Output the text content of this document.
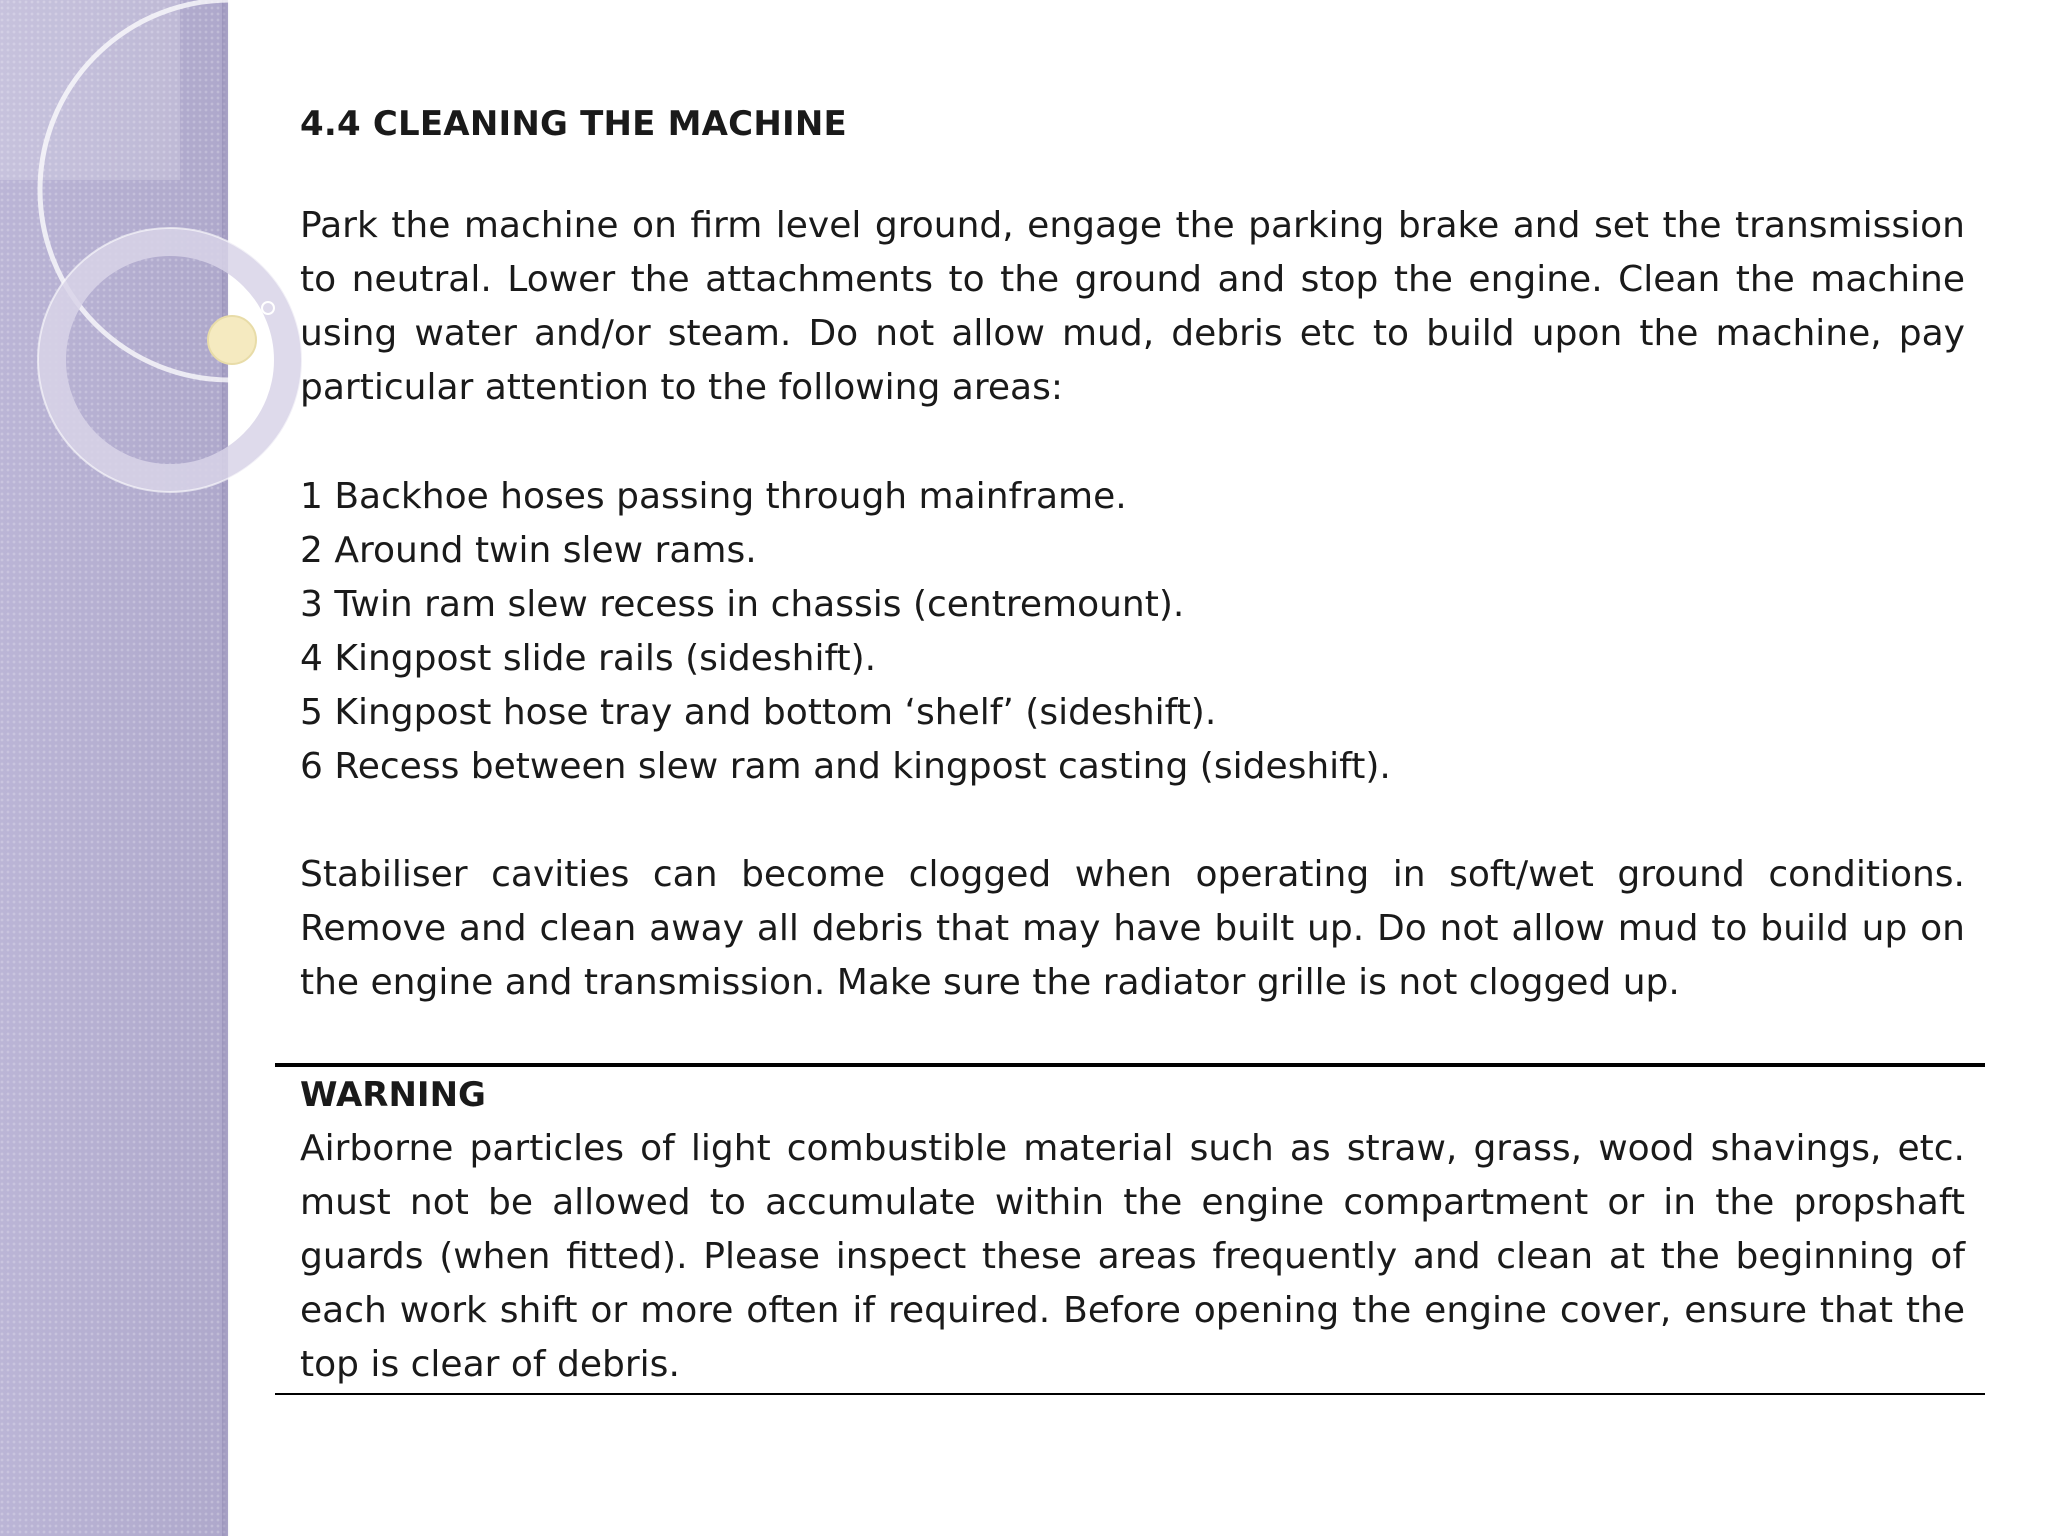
4.4 CLEANING THE MACHINE

Park the machine on firm level ground, engage the parking brake and set the transmission to neutral. Lower the attachments to the ground and stop the engine. Clean the machine using water and/or steam. Do not allow mud, debris etc to build upon the machine, pay particular attention to the following areas:

1 Backhoe hoses passing through mainframe.
2 Around twin slew rams.
3 Twin ram slew recess in chassis (centremount).
4 Kingpost slide rails (sideshift).
5 Kingpost hose tray and bottom ‘shelf’ (sideshift).
6 Recess between slew ram and kingpost casting (sideshift).

Stabiliser cavities can become clogged when operating in soft/wet ground conditions. Remove and clean away all debris that may have built up. Do not allow mud to build up on the engine and transmission. Make sure the radiator grille is not clogged up.

WARNING

Airborne particles of light combustible material such as straw, grass, wood shavings, etc. must not be allowed to accumulate within the engine compartment or in the propshaft guards (when fitted). Please inspect these areas frequently and clean at the beginning of each work shift or more often if required. Before opening the engine cover, ensure that the top is clear of debris.
